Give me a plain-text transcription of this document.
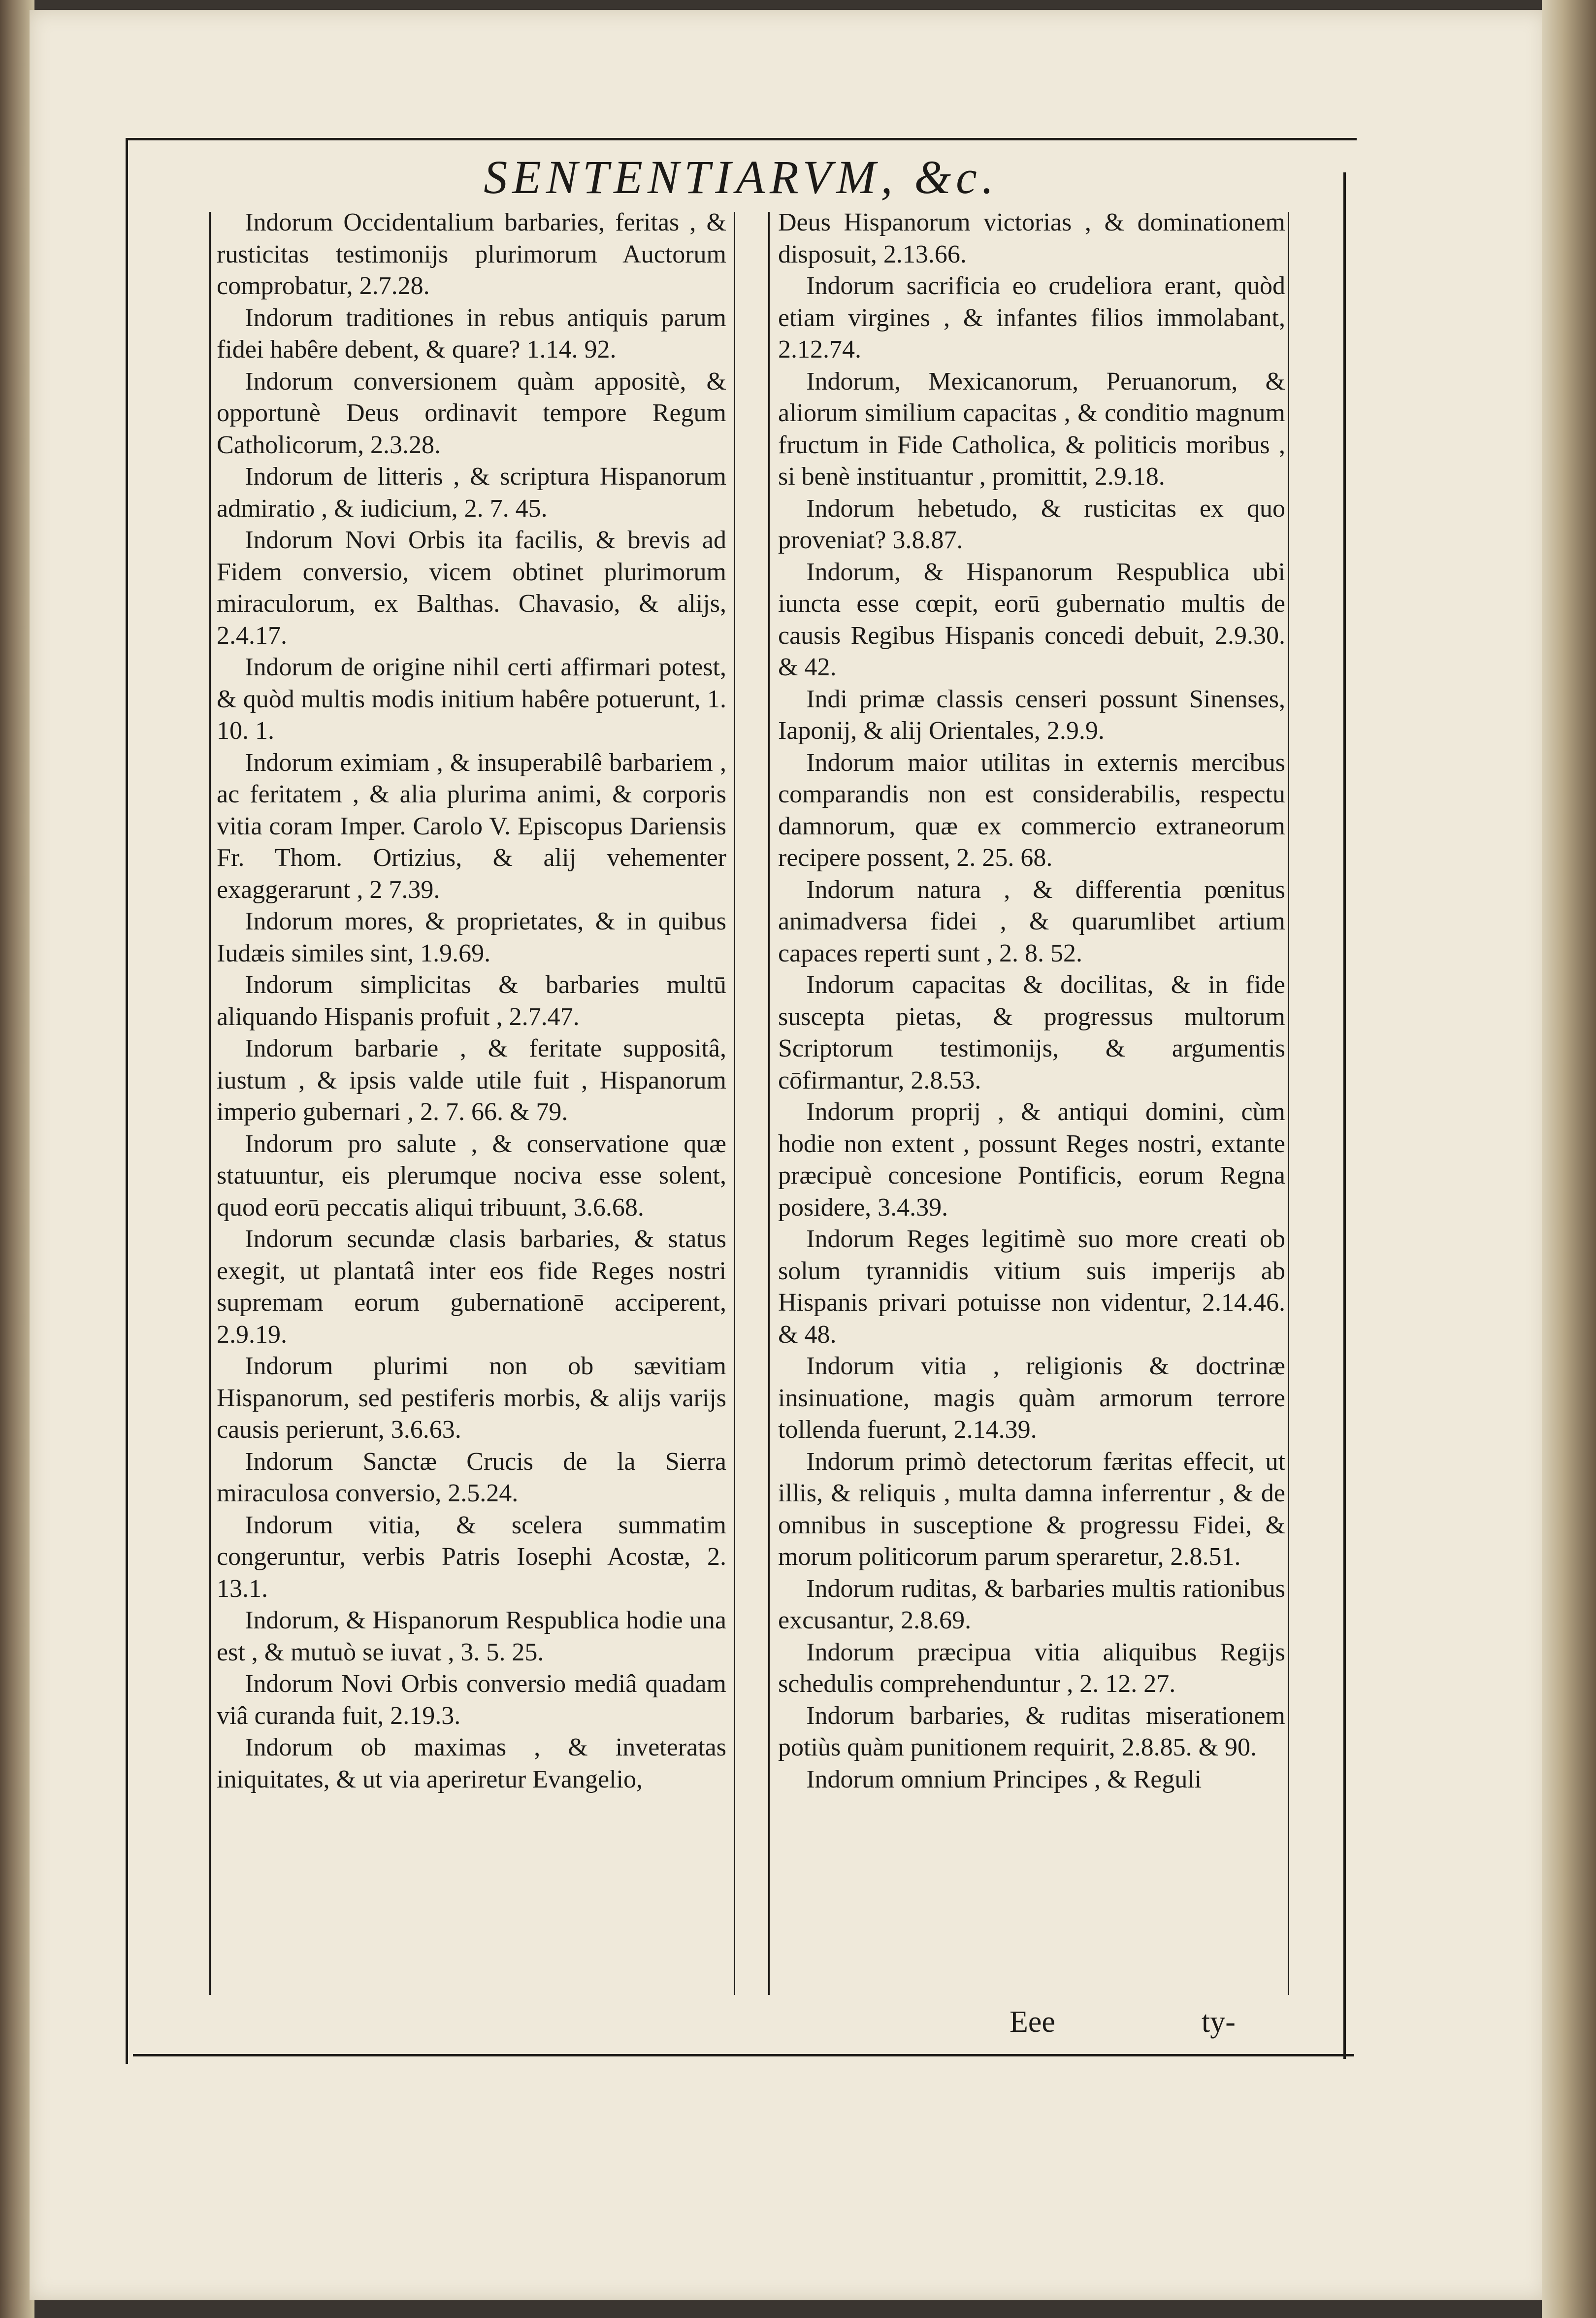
SENTENTIARVM, &c.

Indorum Occidentalium barbaries, feritas , & rusticitas testimonijs plurimorum Auctorum comprobatur, 2.7.28.

Indorum traditiones in rebus antiquis parum fidei habêre debent, & quare? 1.14. 92.

Indorum conversionem quàm appositè, & opportunè Deus ordinavit tempore Regum Catholicorum, 2.3.28.

Indorum de litteris , & scriptura Hispanorum admiratio , & iudicium, 2. 7. 45.

Indorum Novi Orbis ita facilis, & brevis ad Fidem conversio, vicem obtinet plurimorum miraculorum, ex Balthas. Chavasio, & alijs, 2.4.17.

Indorum de origine nihil certi affirmari potest, & quòd multis modis initium habêre potuerunt, 1. 10. 1.

Indorum eximiam , & insuperabilê barbariem , ac feritatem , & alia plurima animi, & corporis vitia coram Imper. Carolo V. Episcopus Dariensis Fr. Thom. Ortizius, & alij vehementer exaggerarunt , 2 7.39.

Indorum mores, & proprietates, & in quibus Iudæis similes sint, 1.9.69.

Indorum simplicitas & barbaries multū aliquando Hispanis profuit , 2.7.47.

Indorum barbarie , & feritate suppositâ, iustum , & ipsis valde utile fuit , Hispanorum imperio gubernari , 2. 7. 66. & 79.

Indorum pro salute , & conservatione quæ statuuntur, eis plerumque nociva esse solent, quod eorū peccatis aliqui tribuunt, 3.6.68.

Indorum secundæ clasis barbaries, & status exegit, ut plantatâ inter eos fide Reges nostri supremam eorum gubernationē acciperent, 2.9.19.

Indorum plurimi non ob sævitiam Hispanorum, sed pestiferis morbis, & alijs varijs causis perierunt, 3.6.63.

Indorum Sanctæ Crucis de la Sierra miraculosa conversio, 2.5.24.

Indorum vitia, & scelera summatim congeruntur, verbis Patris Iosephi Acostæ, 2. 13.1.

Indorum, & Hispanorum Respublica hodie una est , & mutuò se iuvat , 3. 5. 25.

Indorum Novi Orbis conversio mediâ quadam viâ curanda fuit, 2.19.3.

Indorum ob maximas , & inveteratas iniquitates, & ut via aperiretur Evangelio,

Deus Hispanorum victorias , & dominationem disposuit, 2.13.66.

Indorum sacrificia eo crudeliora erant, quòd etiam virgines , & infantes filios immolabant, 2.12.74.

Indorum, Mexicanorum, Peruanorum, & aliorum similium capacitas , & conditio magnum fructum in Fide Catholica, & politicis moribus , si benè instituantur , promittit, 2.9.18.

Indorum hebetudo, & rusticitas ex quo proveniat? 3.8.87.

Indorum, & Hispanorum Respublica ubi iuncta esse cœpit, eorū gubernatio multis de causis Regibus Hispanis concedi debuit, 2.9.30. & 42.

Indi primæ classis censeri possunt Sinenses, Iaponij, & alij Orientales, 2.9.9.

Indorum maior utilitas in externis mercibus comparandis non est considerabilis, respectu damnorum, quæ ex commercio extraneorum recipere possent, 2. 25. 68.

Indorum natura , & differentia pœnitus animadversa fidei , & quarumlibet artium capaces reperti sunt , 2. 8. 52.

Indorum capacitas & docilitas, & in fide suscepta pietas, & progressus multorum Scriptorum testimonijs, & argumentis cōfirmantur, 2.8.53.

Indorum proprij , & antiqui domini, cùm hodie non extent , possunt Reges nostri, extante præcipuè concesione Pontificis, eorum Regna posidere, 3.4.39.

Indorum Reges legitimè suo more creati ob solum tyrannidis vitium suis imperijs ab Hispanis privari potuisse non videntur, 2.14.46. & 48.

Indorum vitia , religionis & doctrinæ insinuatione, magis quàm armorum terrore tollenda fuerunt, 2.14.39.

Indorum primò detectorum færitas effecit, ut illis, & reliquis , multa damna inferrentur , & de omnibus in susceptione & progressu Fidei, & morum politicorum parum speraretur, 2.8.51.

Indorum ruditas, & barbaries multis rationibus excusantur, 2.8.69.

Indorum præcipua vitia aliquibus Regijs schedulis comprehenduntur , 2. 12. 27.

Indorum barbaries, & ruditas miserationem potiùs quàm punitionem requirit, 2.8.85. & 90.

Indorum omnium Principes , & Reguli

Eee	ty-
